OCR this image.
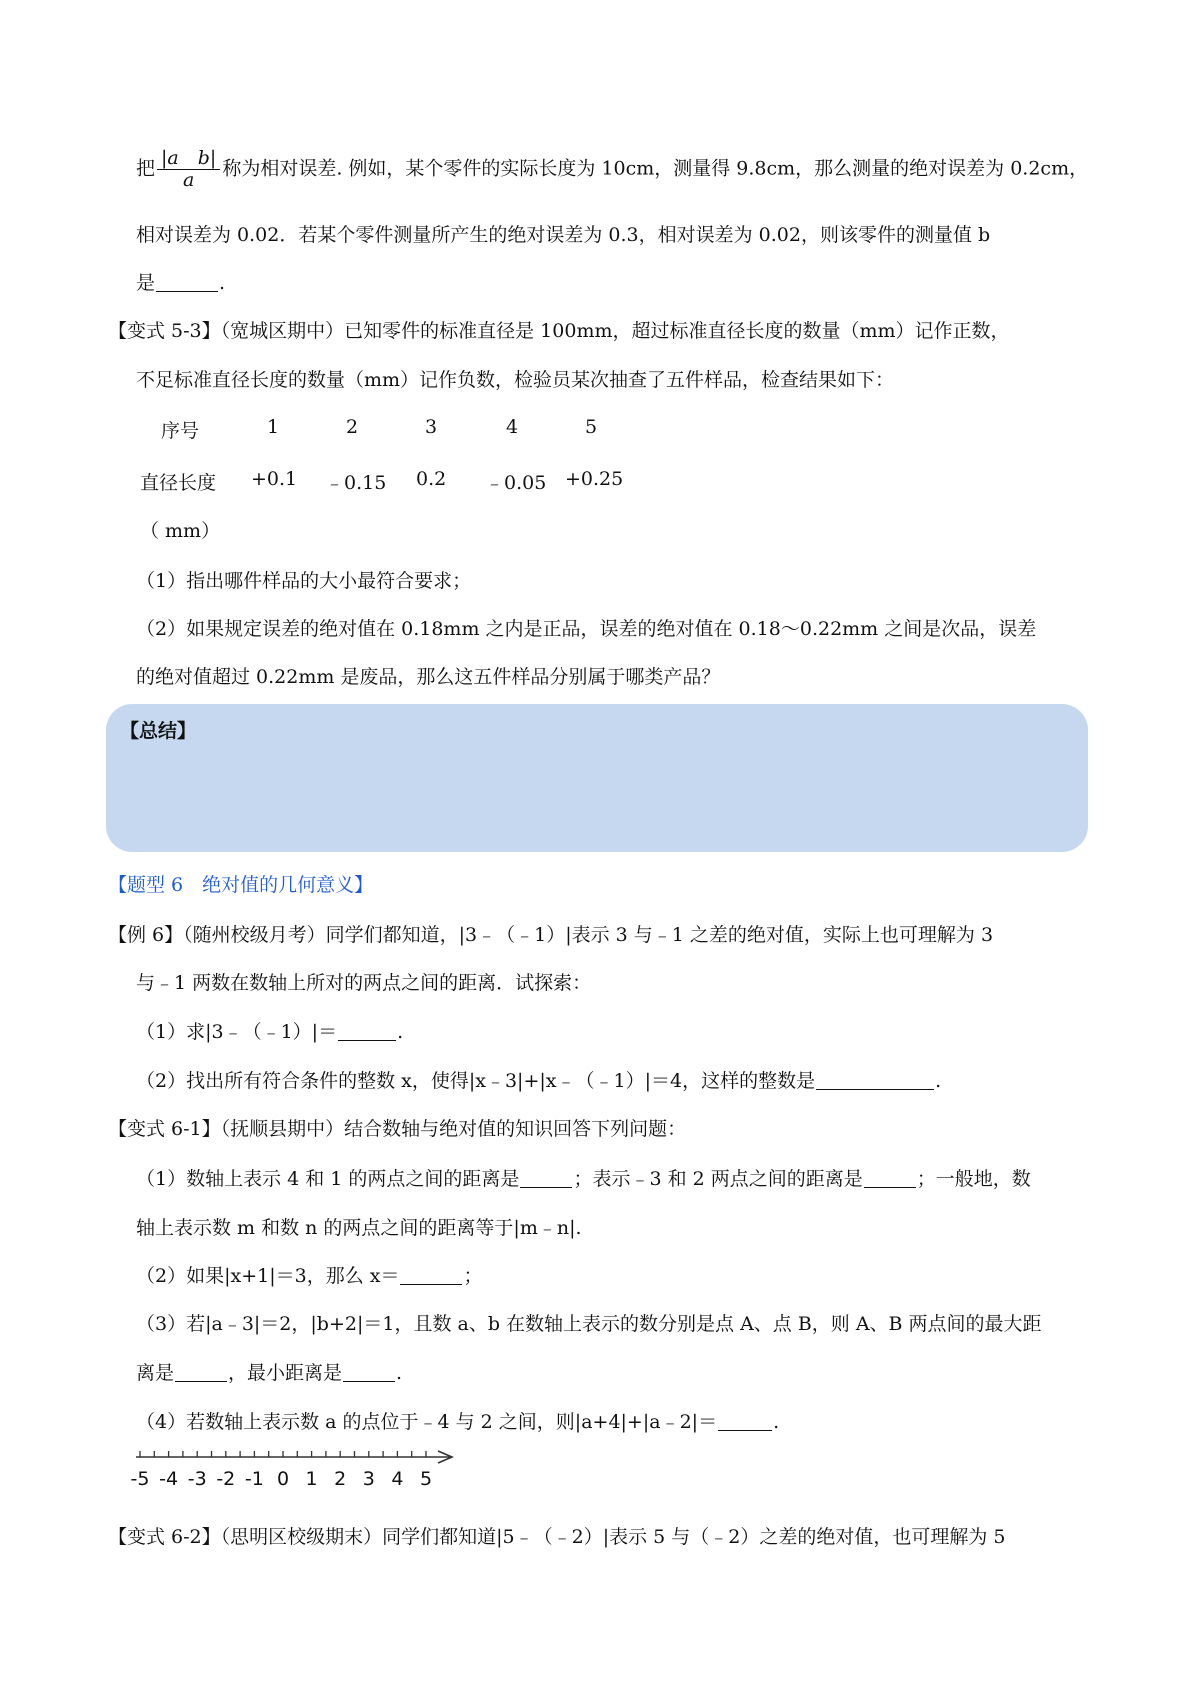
把 $\frac{\text{|a　b|}}{a}$ 称为相对误差. 例如，某个零件的实际长度为 10cm，测量得 9.8cm，那么测量的绝对误差为 0.2cm，
相对误差为 0.02．若某个零件测量所产生的绝对误差为 0.3，相对误差为 0.02，则该零件的测量值 b
是	.
【变式 5-3】（宽城区期中）已知零件的标准直径是 100mm，超过标准直径长度的数量（mm）记作正数，
不足标准直径长度的数量（mm）记作负数，检验员某次抽查了五件样品，检查结果如下：
序号	1	2	3	4	5
直径长度 +0.1 ﹣0.15 0.2 ﹣0.05 +0.25
（ mm）
（1）指出哪件样品的大小最符合要求；
（2）如果规定误差的绝对值在 0.18mm 之内是正品，误差的绝对值在 0.18～0.22mm 之间是次品，误差
的绝对值超过 0.22mm 是废品，那么这五件样品分别属于哪类产品？
【总结】
【题型 6　绝对值的几何意义】
【例 6】（随州校级月考）同学们都知道，|3﹣（﹣1）|表示 3 与﹣1 之差的绝对值，实际上也可理解为 3
与﹣1 两数在数轴上所对的两点之间的距离．试探索：
（1）求|3﹣（﹣1）|＝	.
（2）找出所有符合条件的整数 x，使得|x﹣3|+|x﹣（﹣1）|＝4，这样的整数是	.
【变式 6-1】（抚顺县期中）结合数轴与绝对值的知识回答下列问题：
（1）数轴上表示 4 和 1 的两点之间的距离是	；表示﹣3 和 2 两点之间的距离是	；一般地，数
轴上表示数 m 和数 n 的两点之间的距离等于|m﹣n|.
（2）如果|x+1|＝3，那么 x＝	；
（3）若|a﹣3|＝2，|b+2|＝1，且数 a、b 在数轴上表示的数分别是点 A、点 B，则 A、B 两点间的最大距
离是	，最小距离是	.
（4）若数轴上表示数 a 的点位于﹣4 与 2 之间，则|a+4|+|a﹣2|＝	.
-5 -4 -3 -2 -1 0 1 2 3 4 5
【变式 6-2】（思明区校级期末）同学们都知道|5﹣（﹣2）|表示 5 与（﹣2）之差的绝对值，也可理解为 5
